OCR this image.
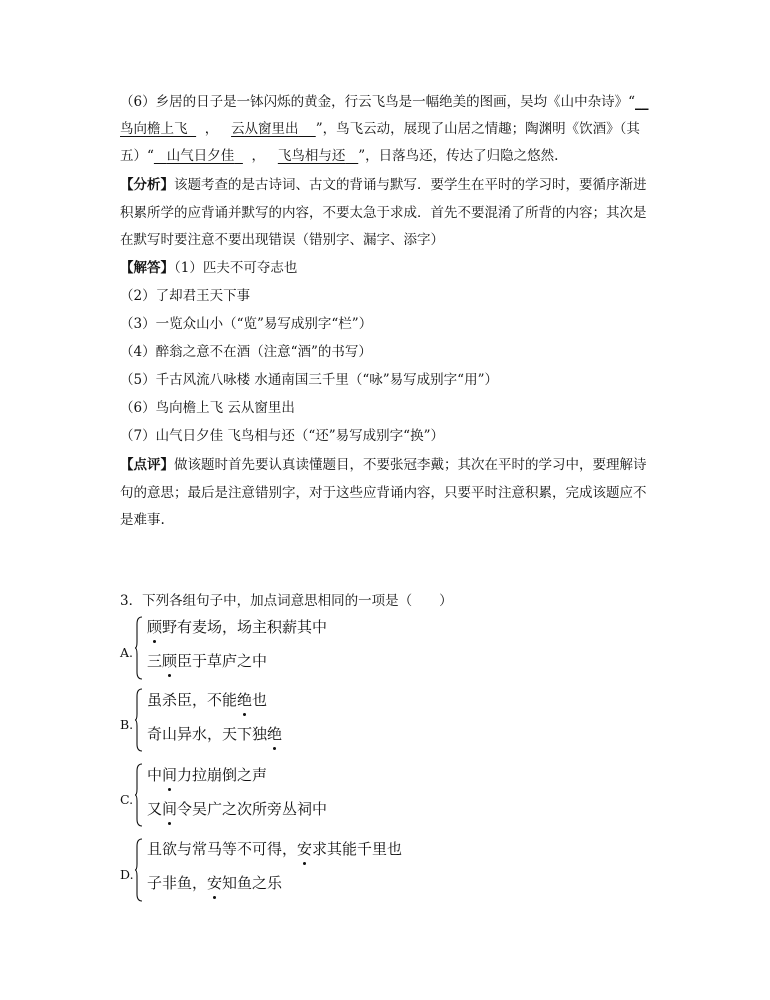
（6）乡居的日子是一钵闪烁的黄金，行云飞鸟是一幅绝美的图画，吴均《山中杂诗》“__
鸟向檐上飞 ， 云从窗里出 ”，鸟飞云动，展现了山居之情趣；陶渊明《饮酒》（其
五）“ 山气日夕佳 ， 飞鸟相与还 ”，日落鸟还，传达了归隐之悠然.
【分析】该题考查的是古诗词、古文的背诵与默写．要学生在平时的学习时，要循序渐进
积累所学的应背诵并默写的内容，不要太急于求成．首先不要混淆了所背的内容；其次是
在默写时要注意不要出现错误（错别字、漏字、添字）
【解答】（1）匹夫不可夺志也
（2）了却君王天下事
（3）一览众山小（“览”易写成别字“栏”）
（4）醉翁之意不在酒（注意“酒”的书写）
（5）千古风流八咏楼 水通南国三千里（“咏”易写成别字“用”）
（6）鸟向檐上飞 云从窗里出
（7）山气日夕佳 飞鸟相与还（“还”易写成别字“换”）
【点评】做该题时首先要认真读懂题目，不要张冠李戴；其次在平时的学习中，要理解诗
句的意思；最后是注意错别字，对于这些应背诵内容，只要平时注意积累，完成该题应不
是难事.
3．下列各组句子中，加点词意思相同的一项是（　　）
A.
顾野有麦场，场主积薪其中
三顾臣于草庐之中
B.
虽杀臣，不能绝也
奇山异水，天下独绝
C.
中间力拉崩倒之声
又间令吴广之次所旁丛祠中
D.
且欲与常马等不可得，安求其能千里也
子非鱼，安知鱼之乐
